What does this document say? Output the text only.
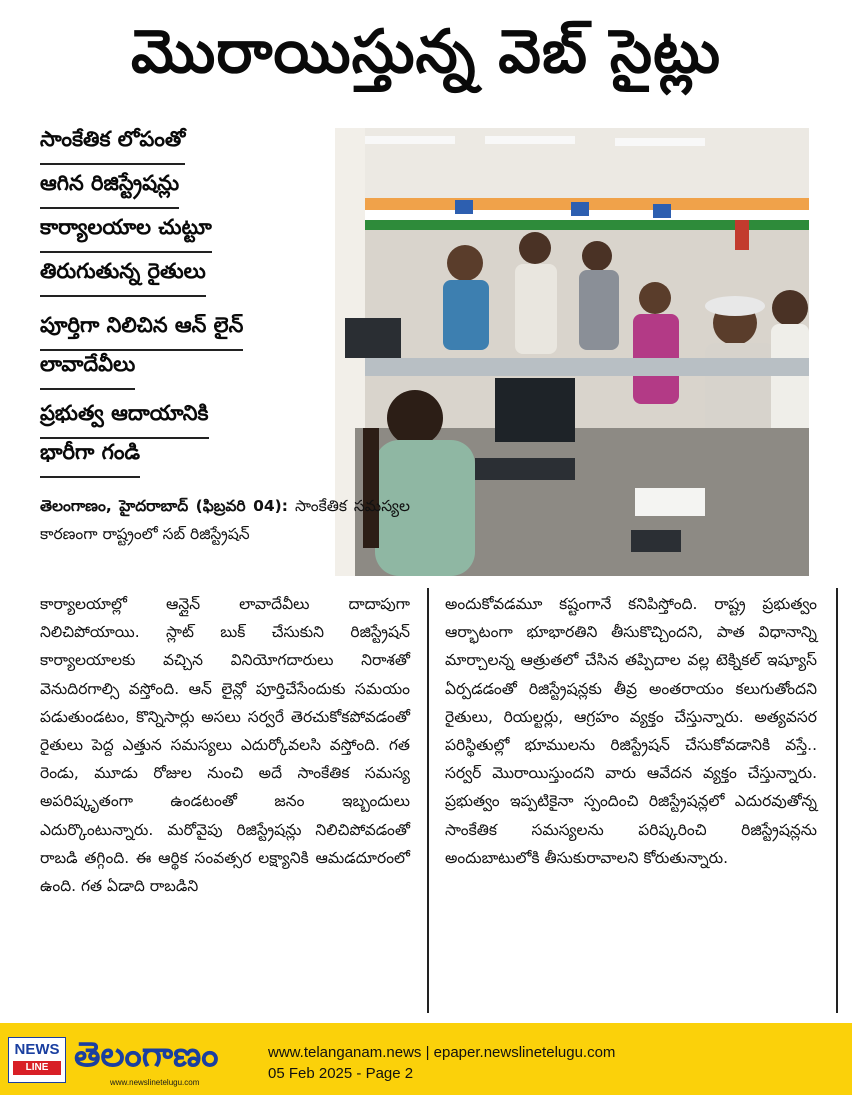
మొరాయిస్తున్న వెబ్ సైట్లు
సాంకేతిక లోపంతో
ఆగిన రిజిస్ట్రేషన్లు
కార్యాలయాల చుట్టూ
తిరుగుతున్న రైతులు
పూర్తిగా నిలిచిన ఆన్ లైన్
లావాదేవీలు
ప్రభుత్వ ఆదాయానికి
భారీగా గండి

తెలంగాణం, హైదరాబాద్ (ఫిబ్రవరి 04): సాంకేతిక సమస్యల కారణంగా రాష్ట్రంలో సబ్ రిజిస్ట్రేషన్

కార్యాలయాల్లో ఆన్లైన్ లావాదేవీలు దాదాపుగా నిలిచిపోయాయి. స్లాట్ బుక్ చేసుకుని రిజిస్ట్రేషన్ కార్యాలయాలకు వచ్చిన వినియోగదారులు నిరాశతో వెనుదిరగాల్సి వస్తోంది. ఆన్ లైన్లో పూర్తిచేసేందుకు సమయం పడుతుండటం, కొన్నిసార్లు అసలు సర్వరే తెరచుకోకపోవడంతో రైతులు పెద్ద ఎత్తున సమస్యలు ఎదుర్కోవలసి వస్తోంది. గత రెండు, మూడు రోజుల నుంచి అదే సాంకేతిక సమస్య అపరిష్కృతంగా ఉండటంతో జనం ఇబ్బందులు ఎదుర్కొంటున్నారు. మరోవైపు రిజిస్ట్రేషన్లు నిలిచిపోవడంతో రాబడి తగ్గింది. ఈ ఆర్థిక సంవత్సర లక్ష్యానికి ఆమడదూరంలో ఉంది. గత ఏడాది రాబడిని

అందుకోవడమూ కష్టంగానే కనిపిస్తోంది. రాష్ట్ర ప్రభుత్వం ఆర్భాటంగా భూభారతిని తీసుకొచ్చిందని, పాత విధానాన్ని మార్చాలన్న ఆత్రుతలో చేసిన తప్పిదాల వల్ల టెక్నికల్ ఇష్యూస్ ఏర్పడడంతో రిజిస్ట్రేషన్లకు తీవ్ర అంతరాయం కలుగుతోందని రైతులు, రియల్టర్లు, ఆగ్రహం వ్యక్తం చేస్తున్నారు. అత్యవసర పరిస్థితుల్లో భూములను రిజిస్ట్రేషన్ చేసుకోవడానికి వస్తే.. సర్వర్ మొరాయిస్తుందని వారు ఆవేదన వ్యక్తం చేస్తున్నారు. ప్రభుత్వం ఇప్పటికైనా స్పందించి రిజిస్ట్రేషన్లలో ఎదురవుతోన్న సాంకేతిక సమస్యలను పరిష్కరించి రిజిస్ట్రేషన్లను అందుబాటులోకి తీసుకురావాలని కోరుతున్నారు.

NEWS
LINE తెలంగాణం
www.newslinetelugu.com
www.telanganam.news | epaper.newslinetelugu.com
05 Feb 2025 - Page 2
